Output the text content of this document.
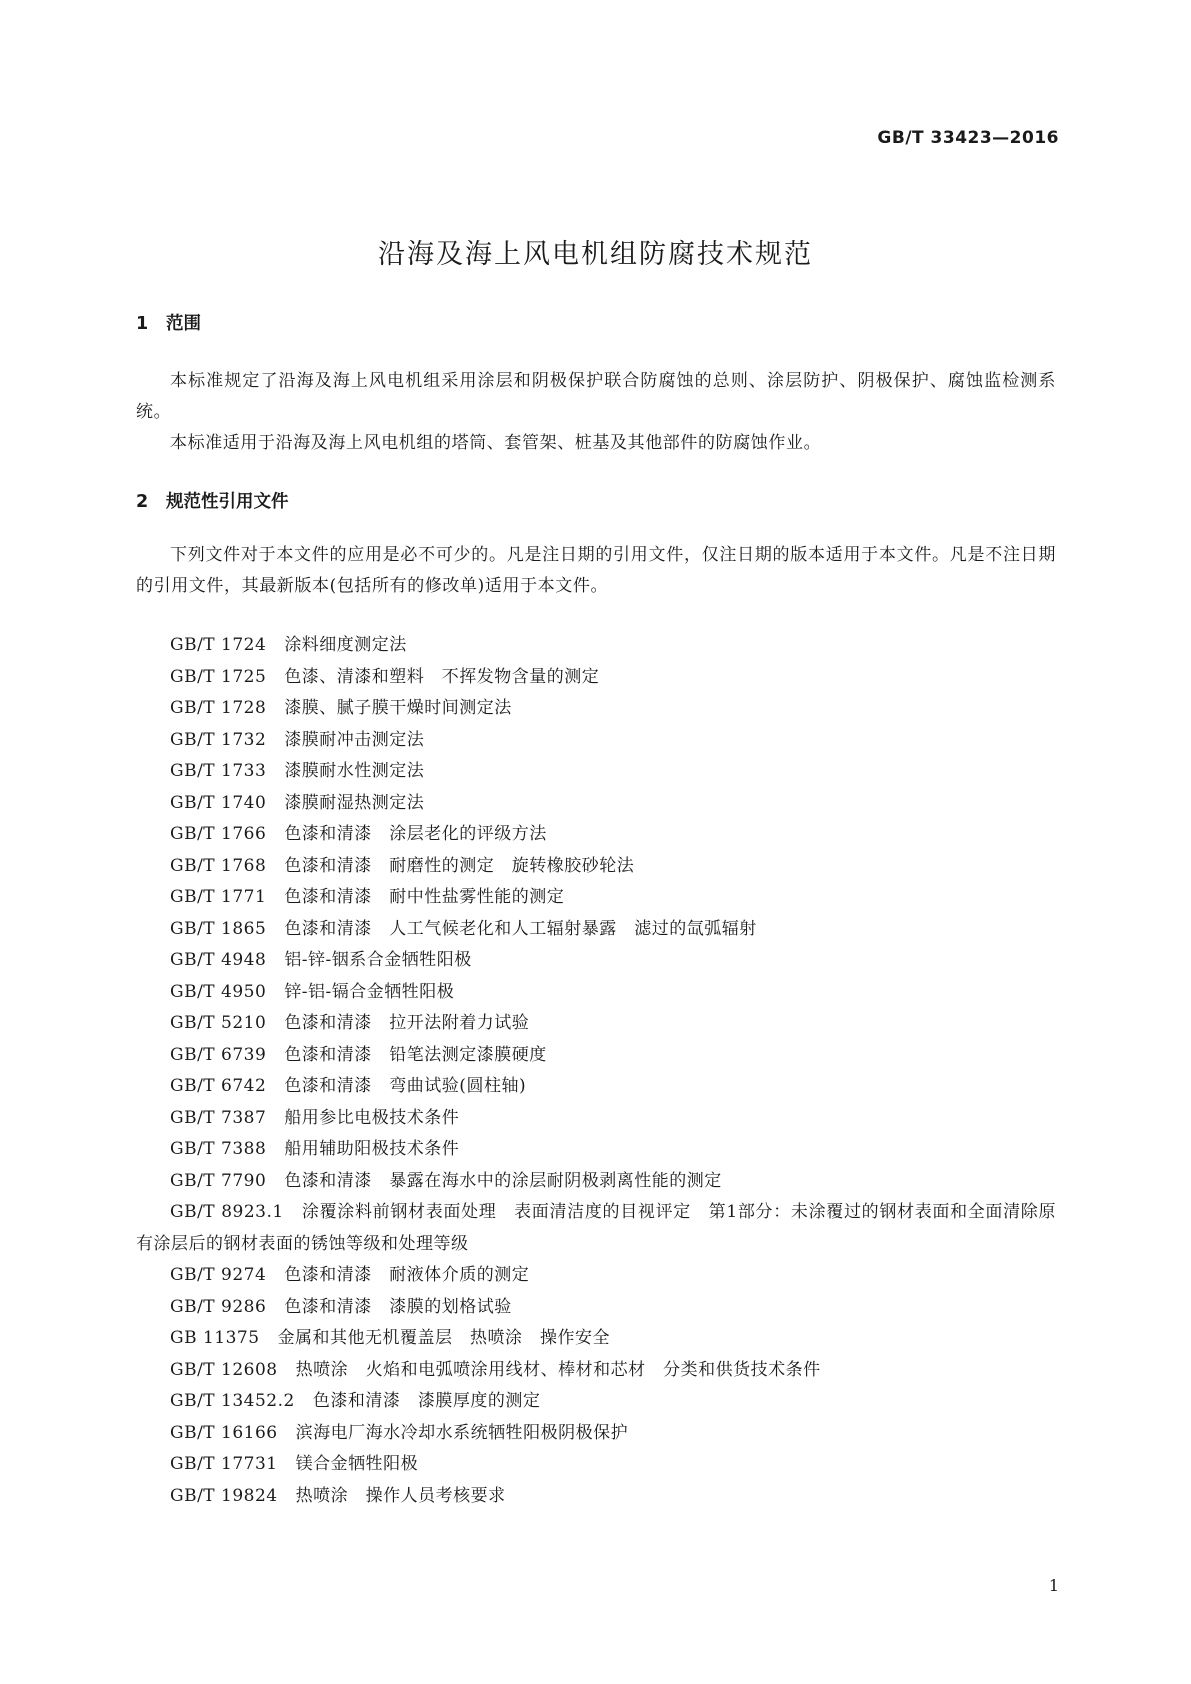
GB/T 33423—2016
沿海及海上风电机组防腐技术规范
1 范围

本标准规定了沿海及海上风电机组采用涂层和阴极保护联合防腐蚀的总则、涂层防护、阴极保护、腐蚀监检测系统。

本标准适用于沿海及海上风电机组的塔筒、套管架、桩基及其他部件的防腐蚀作业。

2 规范性引用文件

下列文件对于本文件的应用是必不可少的。凡是注日期的引用文件，仅注日期的版本适用于本文件。凡是不注日期的引用文件，其最新版本(包括所有的修改单)适用于本文件。

GB/T 1724 涂料细度测定法

GB/T 1725 色漆、清漆和塑料　不挥发物含量的测定

GB/T 1728 漆膜、腻子膜干燥时间测定法

GB/T 1732 漆膜耐冲击测定法

GB/T 1733 漆膜耐水性测定法

GB/T 1740 漆膜耐湿热测定法

GB/T 1766 色漆和清漆　涂层老化的评级方法

GB/T 1768 色漆和清漆　耐磨性的测定　旋转橡胶砂轮法

GB/T 1771 色漆和清漆　耐中性盐雾性能的测定

GB/T 1865 色漆和清漆　人工气候老化和人工辐射暴露　滤过的氙弧辐射

GB/T 4948 铝-锌-铟系合金牺牲阳极

GB/T 4950 锌-铝-镉合金牺牲阳极

GB/T 5210 色漆和清漆　拉开法附着力试验

GB/T 6739 色漆和清漆　铅笔法测定漆膜硬度

GB/T 6742 色漆和清漆　弯曲试验(圆柱轴)

GB/T 7387 船用参比电极技术条件

GB/T 7388 船用辅助阳极技术条件

GB/T 7790 色漆和清漆　暴露在海水中的涂层耐阴极剥离性能的测定

GB/T 8923.1 涂覆涂料前钢材表面处理　表面清洁度的目视评定　第1部分：未涂覆过的钢材表面和全面清除原有涂层后的钢材表面的锈蚀等级和处理等级

GB/T 9274 色漆和清漆　耐液体介质的测定

GB/T 9286 色漆和清漆　漆膜的划格试验

GB 11375 金属和其他无机覆盖层　热喷涂　操作安全

GB/T 12608 热喷涂　火焰和电弧喷涂用线材、棒材和芯材　分类和供货技术条件

GB/T 13452.2 色漆和清漆　漆膜厚度的测定

GB/T 16166 滨海电厂海水冷却水系统牺牲阳极阴极保护

GB/T 17731 镁合金牺牲阳极

GB/T 19824 热喷涂　操作人员考核要求

1
